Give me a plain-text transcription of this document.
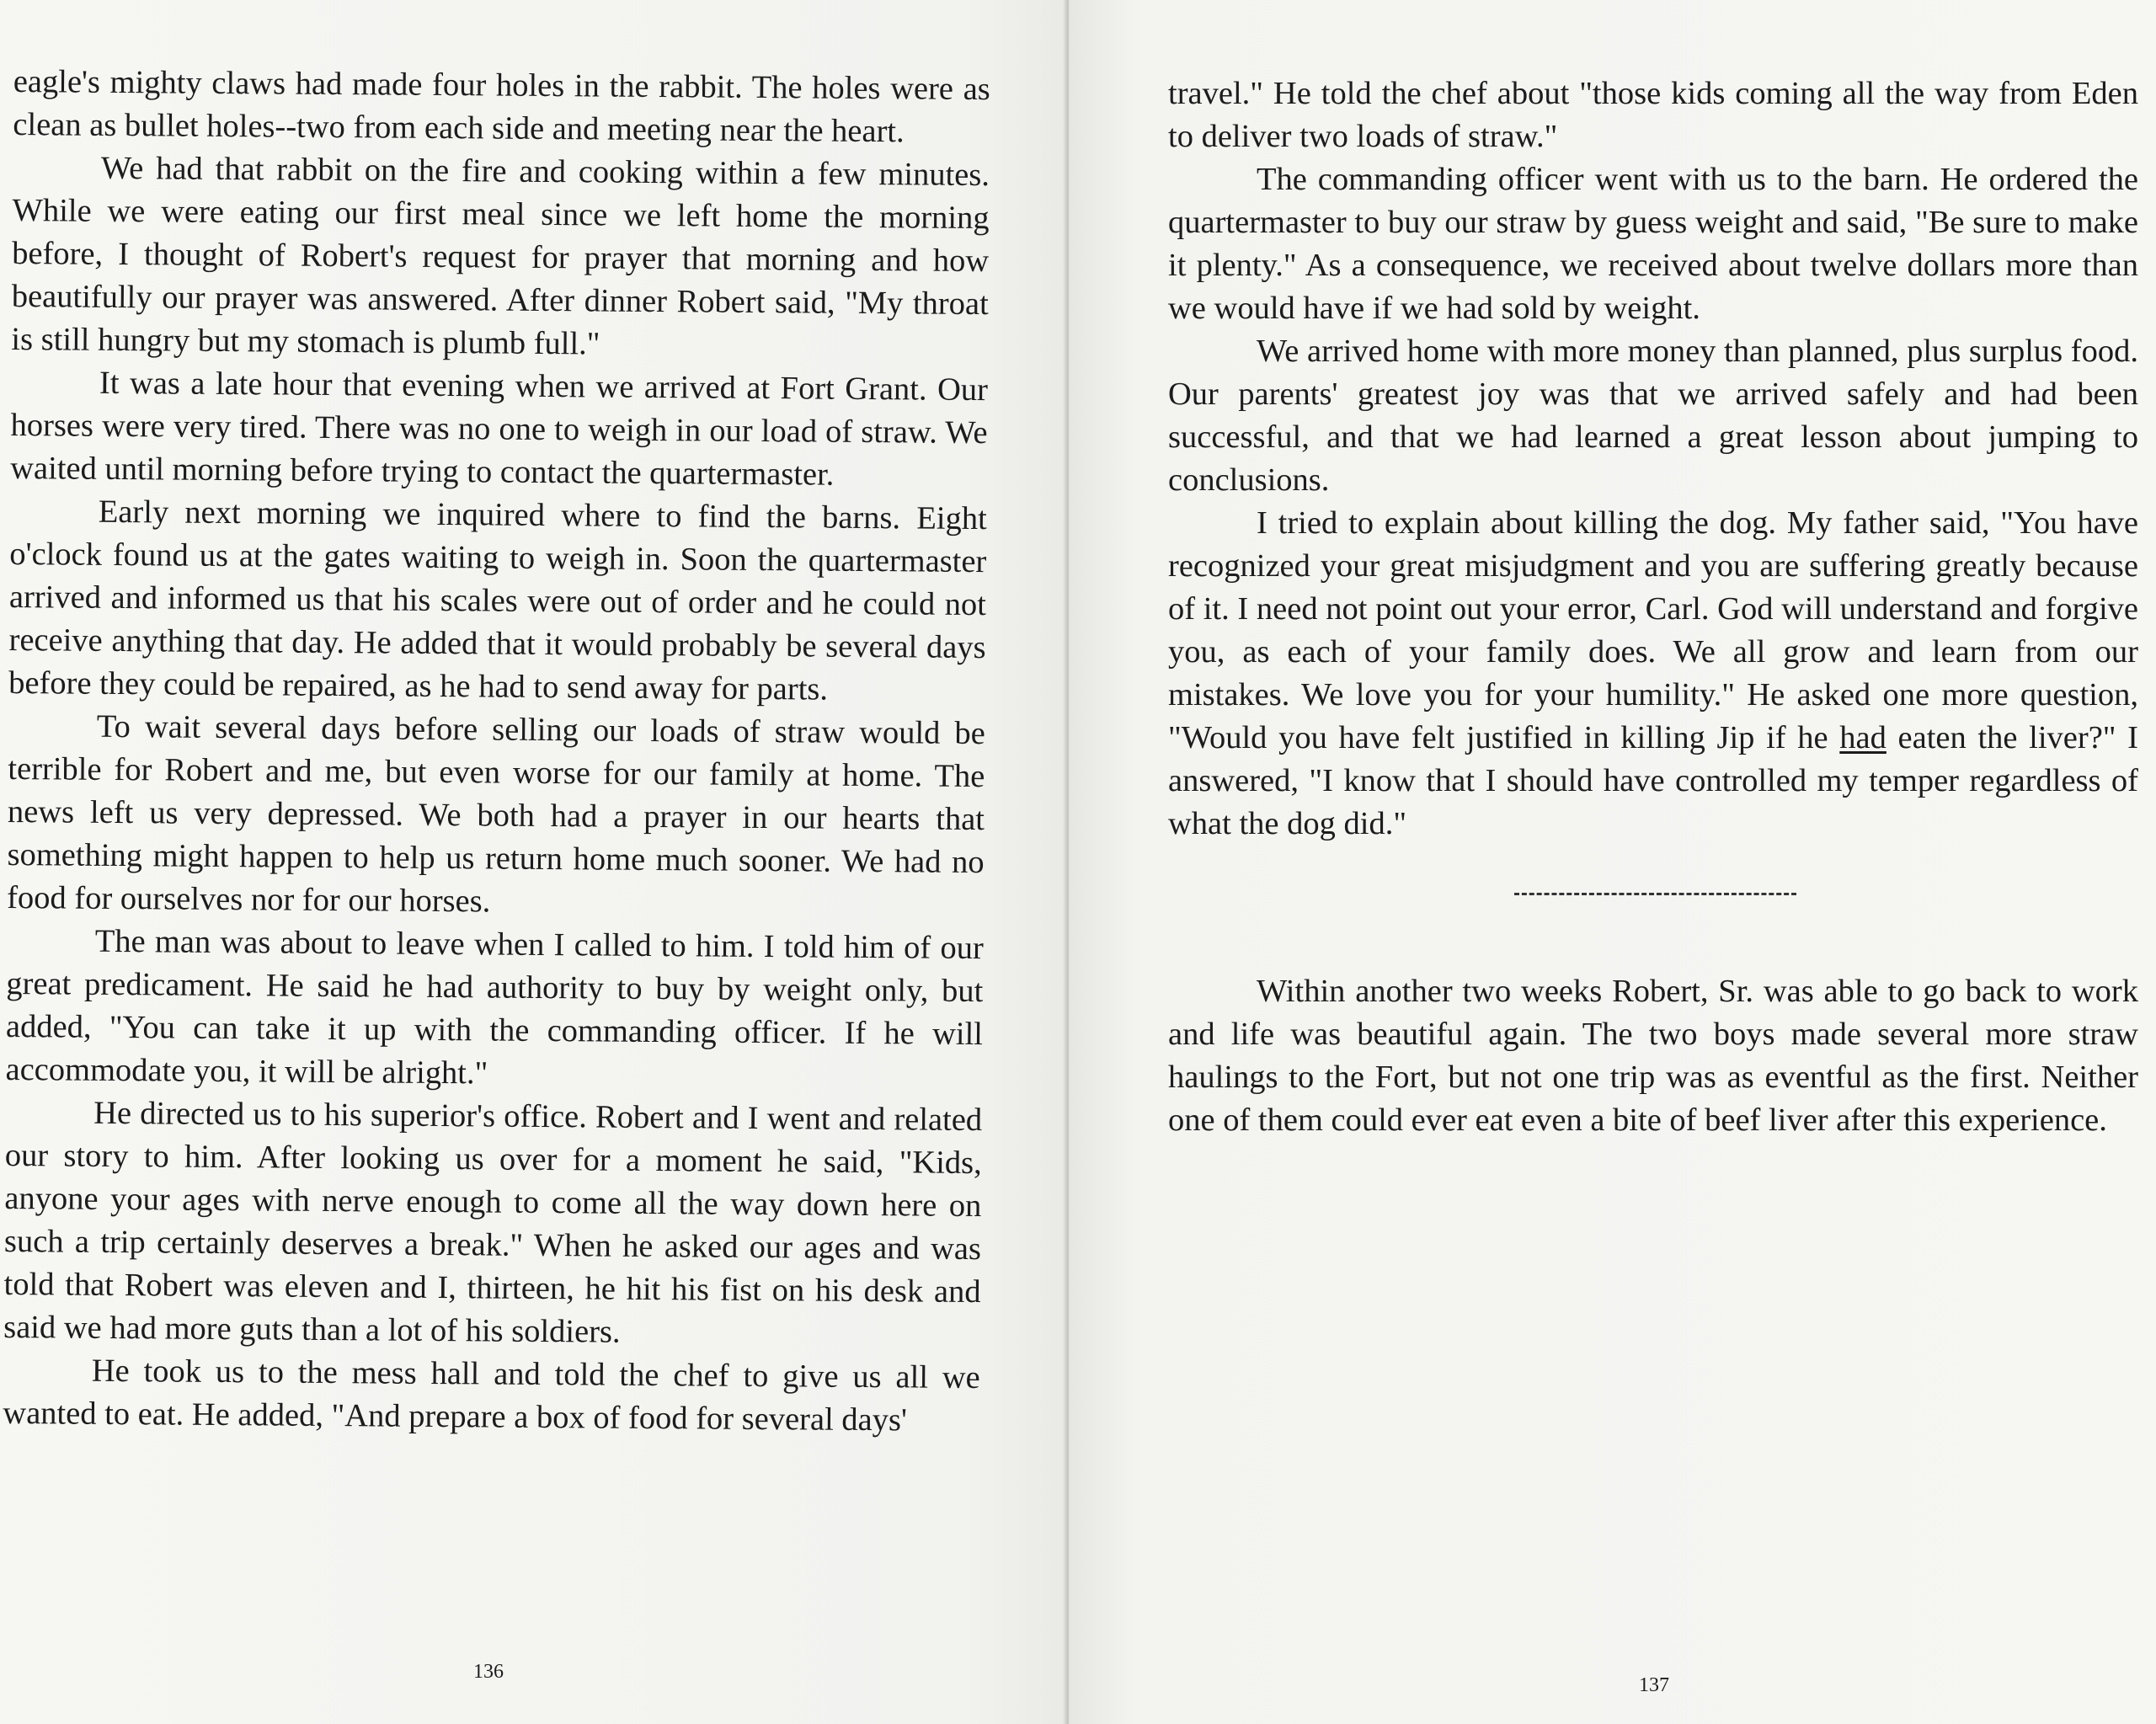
eagle's mighty claws had made four holes in the rabbit. The holes were as clean as bullet holes--two from each side and meeting near the heart.

We had that rabbit on the fire and cooking within a few minutes. While we were eating our first meal since we left home the morning before, I thought of Robert's request for prayer that morning and how beautifully our prayer was answered. After dinner Robert said, "My throat is still hungry but my stomach is plumb full."

It was a late hour that evening when we arrived at Fort Grant. Our horses were very tired. There was no one to weigh in our load of straw. We waited until morning before trying to contact the quartermaster.

Early next morning we inquired where to find the barns. Eight o'clock found us at the gates waiting to weigh in. Soon the quartermaster arrived and informed us that his scales were out of order and he could not receive anything that day. He added that it would probably be several days before they could be repaired, as he had to send away for parts.

To wait several days before selling our loads of straw would be terrible for Robert and me, but even worse for our family at home. The news left us very depressed. We both had a prayer in our hearts that something might happen to help us return home much sooner. We had no food for ourselves nor for our horses.

The man was about to leave when I called to him. I told him of our great predicament. He said he had authority to buy by weight only, but added, "You can take it up with the commanding officer. If he will accommodate you, it will be alright."

He directed us to his superior's office. Robert and I went and related our story to him. After looking us over for a moment he said, "Kids, anyone your ages with nerve enough to come all the way down here on such a trip certainly deserves a break." When he asked our ages and was told that Robert was eleven and I, thirteen, he hit his fist on his desk and said we had more guts than a lot of his soldiers.

He took us to the mess hall and told the chef to give us all we wanted to eat. He added, "And prepare a box of food for several days'

136

travel." He told the chef about "those kids coming all the way from Eden to deliver two loads of straw."

The commanding officer went with us to the barn. He ordered the quartermaster to buy our straw by guess weight and said, "Be sure to make it plenty." As a consequence, we received about twelve dollars more than we would have if we had sold by weight.

We arrived home with more money than planned, plus surplus food. Our parents' greatest joy was that we arrived safely and had been successful, and that we had learned a great lesson about jumping to conclusions.

I tried to explain about killing the dog. My father said, "You have recognized your great misjudgment and you are suffering greatly because of it. I need not point out your error, Carl. God will understand and forgive you, as each of your family does. We all grow and learn from our mistakes. We love you for your humility." He asked one more question, "Would you have felt justified in killing Jip if he had eaten the liver?" I answered, "I know that I should have controlled my temper regardless of what the dog did."

Within another two weeks Robert, Sr. was able to go back to work and life was beautiful again. The two boys made several more straw haulings to the Fort, but not one trip was as eventful as the first. Neither one of them could ever eat even a bite of beef liver after this experience.

137
